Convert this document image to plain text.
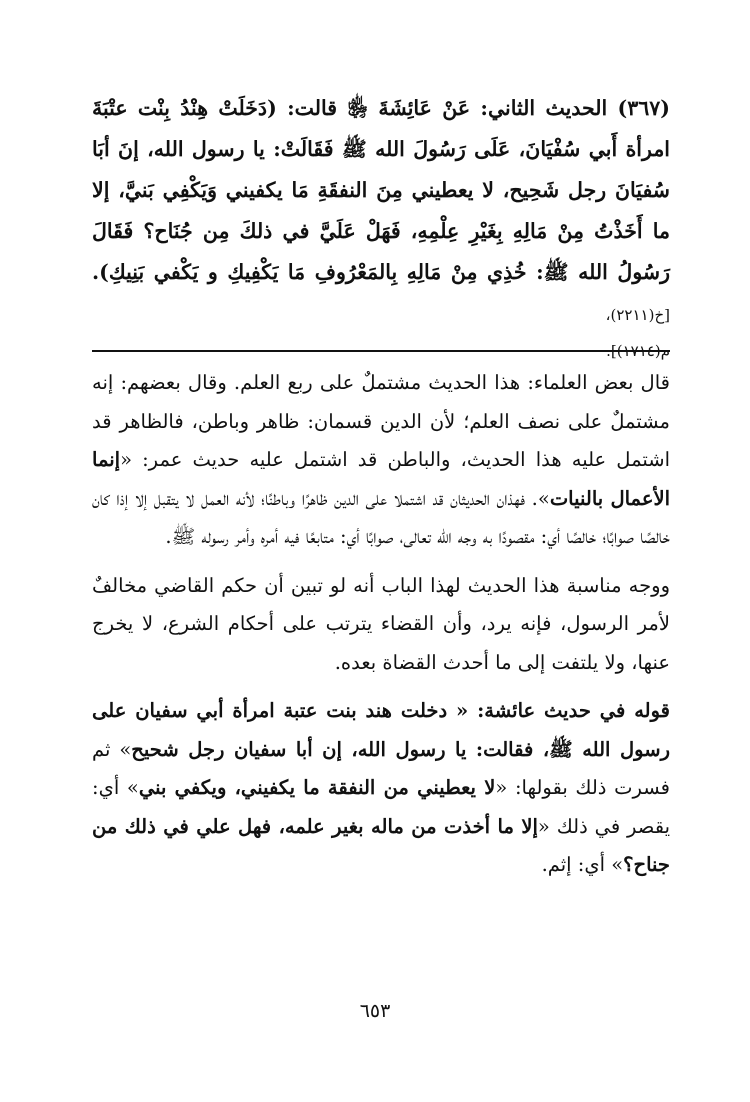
(٣٦٧) الحديث الثاني: عَنْ عَائِشَةَ ﵂ قالت: (دَخَلَتْ هِنْدُ بِنْت عتْبَةَ امرأة أَبي سُفْيَانَ، عَلَى رَسُولَ الله ﷺ فَقَالَتْ: يا رسول الله، إنَ أبَا سُفيَانَ رجل شَحِيح، لا يعطيني مِنَ النفقَةِ مَا يكفيني وَيَكْفِي بَنيَّ، إلا ما أَخَذْتُ مِنْ مَالِهِ بِغَيْرِ عِلْمِهِ، فَهَلْ عَلَيَّ في ذلكَ مِن جُنَاح؟ فَقَالَ رَسُولُ الله ﷺ: خُذِي مِنْ مَالِهِ بِالمَعْرُوفِ مَا يَكْفِيكِ و يَكْفي بَنِيكِ). [خ(٢٢١١)،
م(١٧١٤)].

قال بعض العلماء: هذا الحديث مشتملٌ على ربع العلم. وقال بعضهم: إنه مشتملٌ على نصف العلم؛ لأن الدين قسمان: ظاهر وباطن، فالظاهر قد اشتمل عليه هذا الحديث، والباطن قد اشتمل عليه حديث عمر: «إنما الأعمال بالنيات». فهذان الحديثان قد اشتملا على الدين ظاهرًا وباطنًا؛ لأنه العمل لا يتقبل إلا إذا كان خالصًا صوابًا؛ خالصًا أي: مقصودًا به وجه الله تعالى، صوابًا أي: متابعًا فيه أمره وأمر رسوله ﷺ.

ووجه مناسبة هذا الحديث لهذا الباب أنه لو تبين أن حكم القاضي مخالفٌ لأمر الرسول، فإنه يرد، وأن القضاء يترتب على أحكام الشرع، لا يخرج عنها، ولا يلتفت إلى ما أحدث القضاة بعده.

قوله في حديث عائشة: « دخلت هند بنت عتبة امرأة أبي سفيان على رسول الله ﷺ، فقالت: يا رسول الله، إن أبا سفيان رجل شحيح» ثم فسرت ذلك بقولها: «لا يعطيني من النفقة ما يكفيني، ويكفي بني» أي: يقصر في ذلك «إلا ما أخذت من ماله بغير علمه، فهل علي في ذلك من جناح؟» أي: إثم.

٦٥٣
